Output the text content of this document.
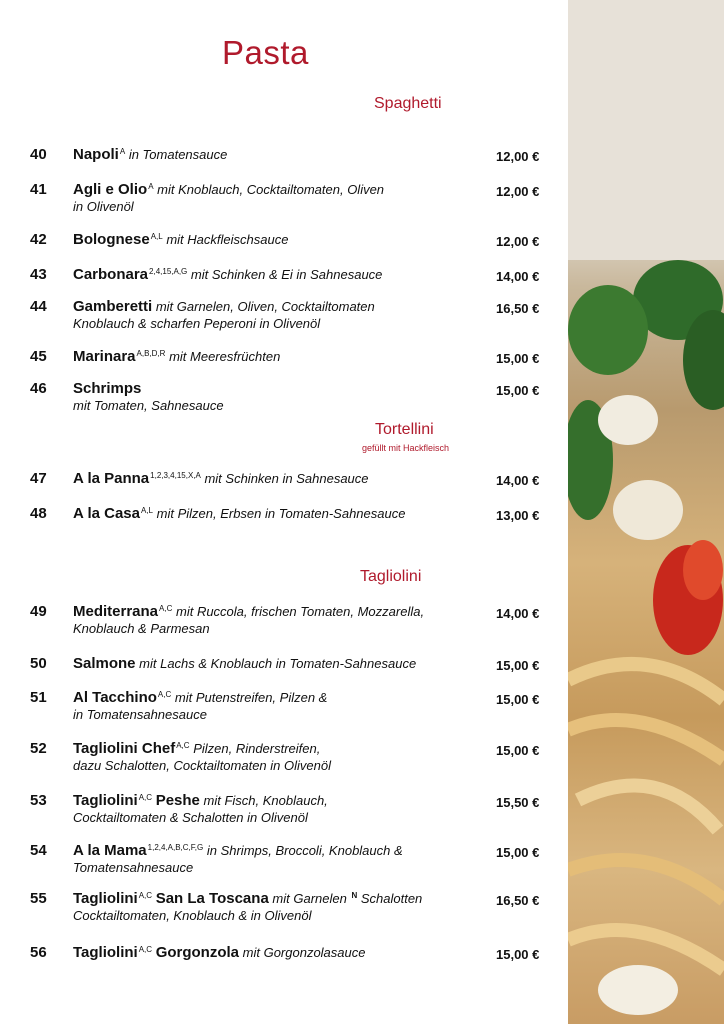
Pasta
Spaghetti
Tortellini
gefüllt mit Hackfleisch
Tagliolini
40 Napoli$^A$ in Tomatensauce	12,00 €
41 Agli e Olio$^A$ mit Knoblauch, Cocktailtomaten, Oliven
in Olivenöl
12,00 €
42 Bolognese$^{A,L}$ mit Hackfleischsauce	12,00 €
43 Carbonara$^{2,4,15,A,G}$ mit Schinken & Ei in Sahnesauce	14,00 €
44 Gamberetti mit Garnelen, Oliven, Cocktailtomaten
Knoblauch & scharfen Peperoni in Olivenöl
16,50 €
45 Marinara$^{A,B,D,R}$ mit Meeresfrüchten	15,00 €
46 Schrimps
mit Tomaten, Sahnesauce
15,00 €
47 A la Panna$^{1,2,3,4,15,X,A}$ mit Schinken in Sahnesauce	14,00 €
48 A la Casa$^{A,L}$ mit Pilzen, Erbsen in Tomaten-Sahnesauce	13,00 €
49 Mediterrana$^{A,C}$ mit Ruccola, frischen Tomaten, Mozzarella,
Knoblauch & Parmesan
14,00 €
50 Salmone mit Lachs & Knoblauch in Tomaten-Sahnesauce	15,00 €
51 Al Tacchino$^{A,C}$ mit Putenstreifen, Pilzen &
in Tomatensahnesauce
15,00 €
52 Tagliolini Chef$^{A,C}$ Pilzen, Rinderstreifen,
dazu Schalotten, Cocktailtomaten in Olivenöl
15,00 €
53 Tagliolini$^{A,C}$ Peshe mit Fisch, Knoblauch,
Cocktailtomaten & Schalotten in Olivenöl
15,50 €
54 A la Mama$^{1,2,4,A,B,C,F,G}$ in Shrimps, Broccoli, Knoblauch &
Tomatensahnesauce
15,00 €
55 Tagliolini$^{A,C}$ San La Toscana mit Garnelen $^N$ Schalotten
Cocktailtomaten, Knoblauch & in Olivenöl
16,50 €
56 Tagliolini$^{A,C}$ Gorgonzola mit Gorgonzolasauce	15,00 €
